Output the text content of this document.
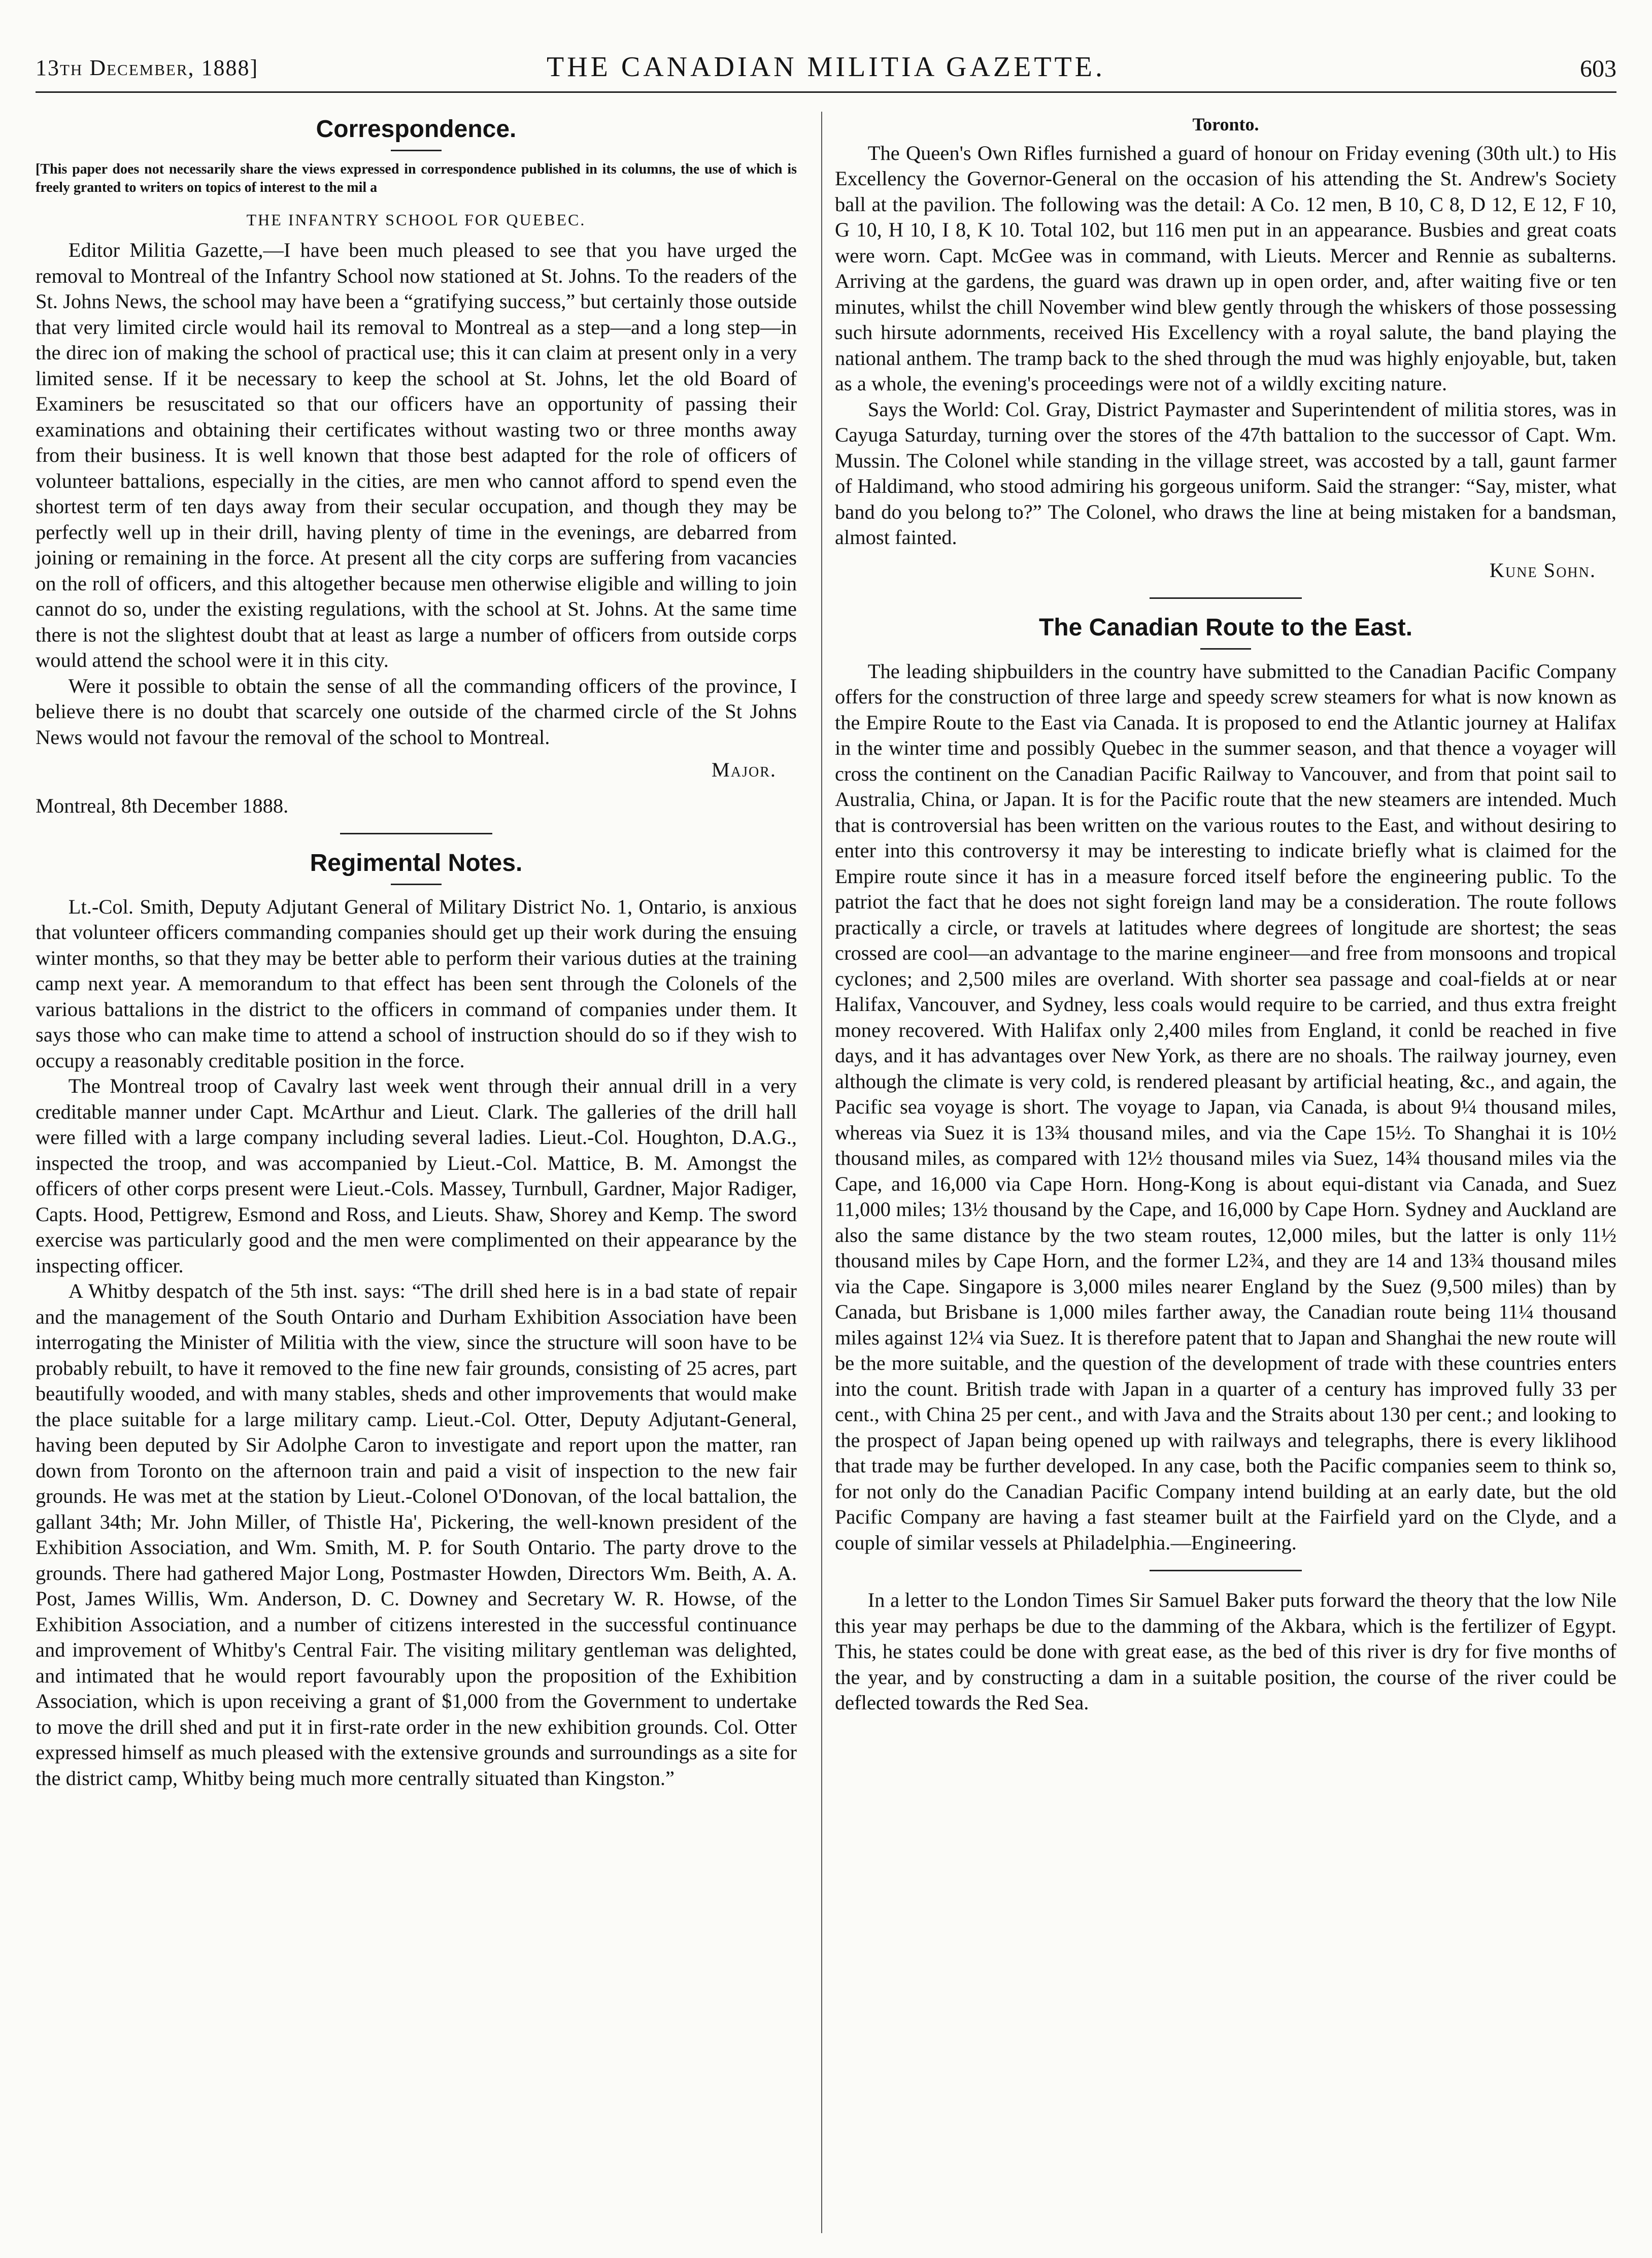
13th December, 1888]	THE CANADIAN MILITIA GAZETTE.	603
Correspondence.
[This paper does not necessarily share the views expressed in correspondence published in its columns, the use of which is freely granted to writers on topics of interest to the mil a
THE INFANTRY SCHOOL FOR QUEBEC.

Editor Militia Gazette,—I have been much pleased to see that you have urged the removal to Montreal of the Infantry School now stationed at St. Johns. To the readers of the St. Johns News, the school may have been a “gratifying success,” but certainly those outside that very limited circle would hail its removal to Montreal as a step—and a long step—in the direc ion of making the school of practical use; this it can claim at present only in a very limited sense. If it be necessary to keep the school at St. Johns, let the old Board of Examiners be resuscitated so that our officers have an opportunity of passing their examinations and obtaining their certificates without wasting two or three months away from their business. It is well known that those best adapted for the role of officers of volunteer battalions, especially in the cities, are men who cannot afford to spend even the shortest term of ten days away from their secular occupation, and though they may be perfectly well up in their drill, having plenty of time in the evenings, are debarred from joining or remaining in the force. At present all the city corps are suffering from vacancies on the roll of officers, and this altogether because men otherwise eligible and willing to join cannot do so, under the existing regulations, with the school at St. Johns. At the same time there is not the slightest doubt that at least as large a number of officers from outside corps would attend the school were it in this city.

Were it possible to obtain the sense of all the commanding officers of the province, I believe there is no doubt that scarcely one outside of the charmed circle of the St Johns News would not favour the removal of the school to Montreal.

Major.
Montreal, 8th December 1888.
Regimental Notes.

Lt.-Col. Smith, Deputy Adjutant General of Military District No. 1, Ontario, is anxious that volunteer officers commanding companies should get up their work during the ensuing winter months, so that they may be better able to perform their various duties at the training camp next year. A memorandum to that effect has been sent through the Colonels of the various battalions in the district to the officers in command of companies under them. It says those who can make time to attend a school of instruction should do so if they wish to occupy a reasonably creditable position in the force.

The Montreal troop of Cavalry last week went through their annual drill in a very creditable manner under Capt. McArthur and Lieut. Clark. The galleries of the drill hall were filled with a large company including several ladies. Lieut.-Col. Houghton, D.A.G., inspected the troop, and was accompanied by Lieut.-Col. Mattice, B. M. Amongst the officers of other corps present were Lieut.-Cols. Massey, Turnbull, Gardner, Major Radiger, Capts. Hood, Pettigrew, Esmond and Ross, and Lieuts. Shaw, Shorey and Kemp. The sword exercise was particularly good and the men were complimented on their appearance by the inspecting officer.

A Whitby despatch of the 5th inst. says: “The drill shed here is in a bad state of repair and the management of the South Ontario and Durham Exhibition Association have been interrogating the Minister of Militia with the view, since the structure will soon have to be probably rebuilt, to have it removed to the fine new fair grounds, consisting of 25 acres, part beautifully wooded, and with many stables, sheds and other improvements that would make the place suitable for a large military camp. Lieut.-Col. Otter, Deputy Adjutant-General, having been deputed by Sir Adolphe Caron to investigate and report upon the matter, ran down from Toronto on the afternoon train and paid a visit of inspection to the new fair grounds. He was met at the station by Lieut.-Colonel O'Donovan, of the local battalion, the gallant 34th; Mr. John Miller, of Thistle Ha', Pickering, the well-known president of the Exhibition Association, and Wm. Smith, M. P. for South Ontario. The party drove to the grounds. There had gathered Major Long, Postmaster Howden, Directors Wm. Beith, A. A. Post, James Willis, Wm. Anderson, D. C. Downey and Secretary W. R. Howse, of the Exhibition Association, and a number of citizens interested in the successful continuance and improvement of Whitby's Central Fair. The visiting military gentleman was delighted, and intimated that he would report favourably upon the proposition of the Exhibition Association, which is upon receiving a grant of $1,000 from the Government to undertake to move the drill shed and put it in first-rate order in the new exhibition grounds. Col. Otter expressed himself as much pleased with the extensive grounds and surroundings as a site for the district camp, Whitby being much more centrally situated than Kingston.”

Toronto.

The Queen's Own Rifles furnished a guard of honour on Friday evening (30th ult.) to His Excellency the Governor-General on the occasion of his attending the St. Andrew's Society ball at the pavilion. The following was the detail: A Co. 12 men, B 10, C 8, D 12, E 12, F 10, G 10, H 10, I 8, K 10. Total 102, but 116 men put in an appearance. Busbies and great coats were worn. Capt. McGee was in command, with Lieuts. Mercer and Rennie as subalterns. Arriving at the gardens, the guard was drawn up in open order, and, after waiting five or ten minutes, whilst the chill November wind blew gently through the whiskers of those possessing such hirsute adornments, received His Excellency with a royal salute, the band playing the national anthem. The tramp back to the shed through the mud was highly enjoyable, but, taken as a whole, the evening's proceedings were not of a wildly exciting nature.

Says the World: Col. Gray, District Paymaster and Superintendent of militia stores, was in Cayuga Saturday, turning over the stores of the 47th battalion to the successor of Capt. Wm. Mussin. The Colonel while standing in the village street, was accosted by a tall, gaunt farmer of Haldimand, who stood admiring his gorgeous uniform. Said the stranger: “Say, mister, what band do you belong to?” The Colonel, who draws the line at being mistaken for a bandsman, almost fainted.

Kune Sohn.
The Canadian Route to the East.

The leading shipbuilders in the country have submitted to the Canadian Pacific Company offers for the construction of three large and speedy screw steamers for what is now known as the Empire Route to the East via Canada. It is proposed to end the Atlantic journey at Halifax in the winter time and possibly Quebec in the summer season, and that thence a voyager will cross the continent on the Canadian Pacific Railway to Vancouver, and from that point sail to Australia, China, or Japan. It is for the Pacific route that the new steamers are intended. Much that is controversial has been written on the various routes to the East, and without desiring to enter into this controversy it may be interesting to indicate briefly what is claimed for the Empire route since it has in a measure forced itself before the engineering public. To the patriot the fact that he does not sight foreign land may be a consideration. The route follows practically a circle, or travels at latitudes where degrees of longitude are shortest; the seas crossed are cool—an advantage to the marine engineer—and free from monsoons and tropical cyclones; and 2,500 miles are overland. With shorter sea passage and coal-fields at or near Halifax, Vancouver, and Sydney, less coals would require to be carried, and thus extra freight money recovered. With Halifax only 2,400 miles from England, it conld be reached in five days, and it has advantages over New York, as there are no shoals. The railway journey, even although the climate is very cold, is rendered pleasant by artificial heating, &c., and again, the Pacific sea voyage is short. The voyage to Japan, via Canada, is about 9¼ thousand miles, whereas via Suez it is 13¾ thousand miles, and via the Cape 15½. To Shanghai it is 10½ thousand miles, as compared with 12½ thousand miles via Suez, 14¾ thousand miles via the Cape, and 16,000 via Cape Horn. Hong-Kong is about equi-distant via Canada, and Suez 11,000 miles; 13½ thousand by the Cape, and 16,000 by Cape Horn. Sydney and Auckland are also the same distance by the two steam routes, 12,000 miles, but the latter is only 11½ thousand miles by Cape Horn, and the former L2¾, and they are 14 and 13¾ thousand miles via the Cape. Singapore is 3,000 miles nearer England by the Suez (9,500 miles) than by Canada, but Brisbane is 1,000 miles farther away, the Canadian route being 11¼ thousand miles against 12¼ via Suez. It is therefore patent that to Japan and Shanghai the new route will be the more suitable, and the question of the development of trade with these countries enters into the count. British trade with Japan in a quarter of a century has improved fully 33 per cent., with China 25 per cent., and with Java and the Straits about 130 per cent.; and looking to the prospect of Japan being opened up with railways and telegraphs, there is every liklihood that trade may be further developed. In any case, both the Pacific companies seem to think so, for not only do the Canadian Pacific Company intend building at an early date, but the old Pacific Company are having a fast steamer built at the Fairfield yard on the Clyde, and a couple of similar vessels at Philadelphia.—Engineering.

In a letter to the London Times Sir Samuel Baker puts forward the theory that the low Nile this year may perhaps be due to the damming of the Akbara, which is the fertilizer of Egypt. This, he states could be done with great ease, as the bed of this river is dry for five months of the year, and by constructing a dam in a suitable position, the course of the river could be deflected towards the Red Sea.
